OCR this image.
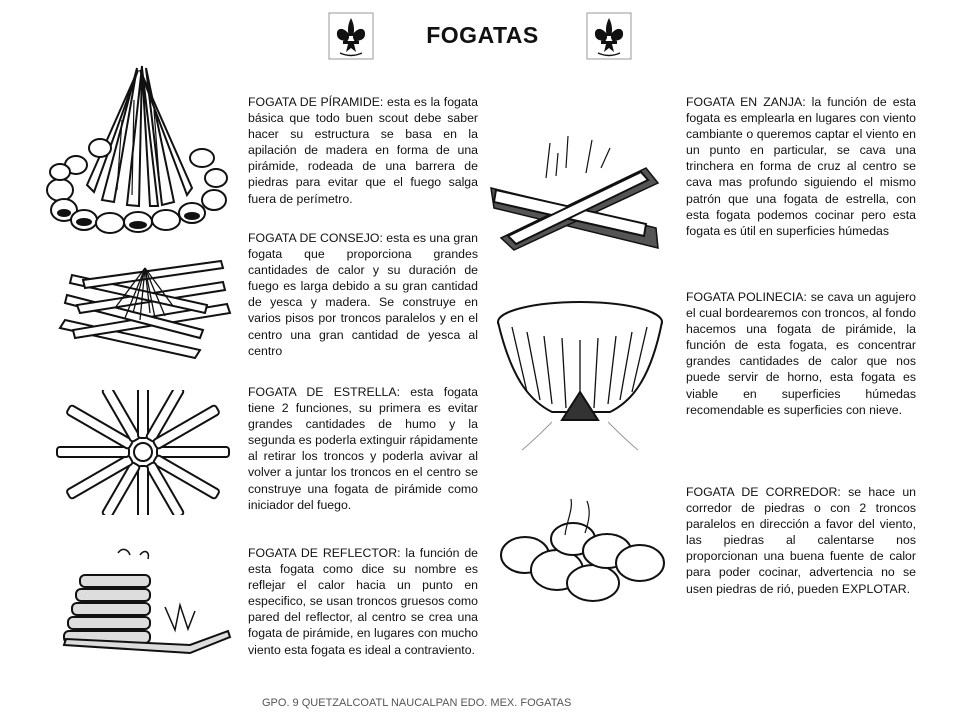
FOGATAS
FOGATA DE PÍRAMIDE: esta es la fogata básica que todo buen scout debe saber hacer su estructura se basa en la apilación de madera en forma de una pirámide, rodeada de una barrera de piedras para evitar que el fuego salga fuera de perímetro.
FOGATA DE CONSEJO: esta es una gran fogata que proporciona grandes cantidades de calor y su duración de fuego es larga debido a su gran cantidad de yesca y madera. Se construye en varios pisos por troncos paralelos y en el centro una gran cantidad de yesca al centro
FOGATA DE ESTRELLA: esta fogata tiene 2 funciones, su primera es evitar grandes cantidades de humo y la segunda es poderla extinguir rápidamente al retirar los troncos y poderla avivar al volver a juntar los troncos en el centro se construye una fogata de pirámide como iniciador del fuego.
FOGATA DE REFLECTOR: la función de esta fogata como dice su nombre es reflejar el calor hacia un punto en especifico, se usan troncos gruesos como pared del reflector, al centro se crea una fogata de pirámide, en lugares con mucho viento esta fogata es ideal a contraviento.
FOGATA EN ZANJA: la función de esta fogata es emplearla en lugares con viento cambiante o queremos captar el viento en un punto en particular, se cava una trinchera en forma de cruz al centro se cava mas profundo siguiendo el mismo patrón que una fogata de estrella, con esta fogata podemos cocinar pero esta fogata es útil en superficies húmedas
FOGATA POLINECIA: se cava un agujero el cual bordearemos con troncos, al fondo hacemos una fogata de pirámide, la función de esta fogata, es concentrar grandes cantidades de calor que nos puede servir de horno, esta fogata es viable en superficies húmedas recomendable es superficies con nieve.
FOGATA DE CORREDOR: se hace un corredor de piedras o con 2 troncos paralelos en dirección a favor del viento, las piedras al calentarse nos proporcionan una buena fuente de calor para poder cocinar, advertencia no se usen piedras de rió, pueden EXPLOTAR.
GPO. 9 QUETZALCOATL NAUCALPAN EDO. MEX. FOGATAS
